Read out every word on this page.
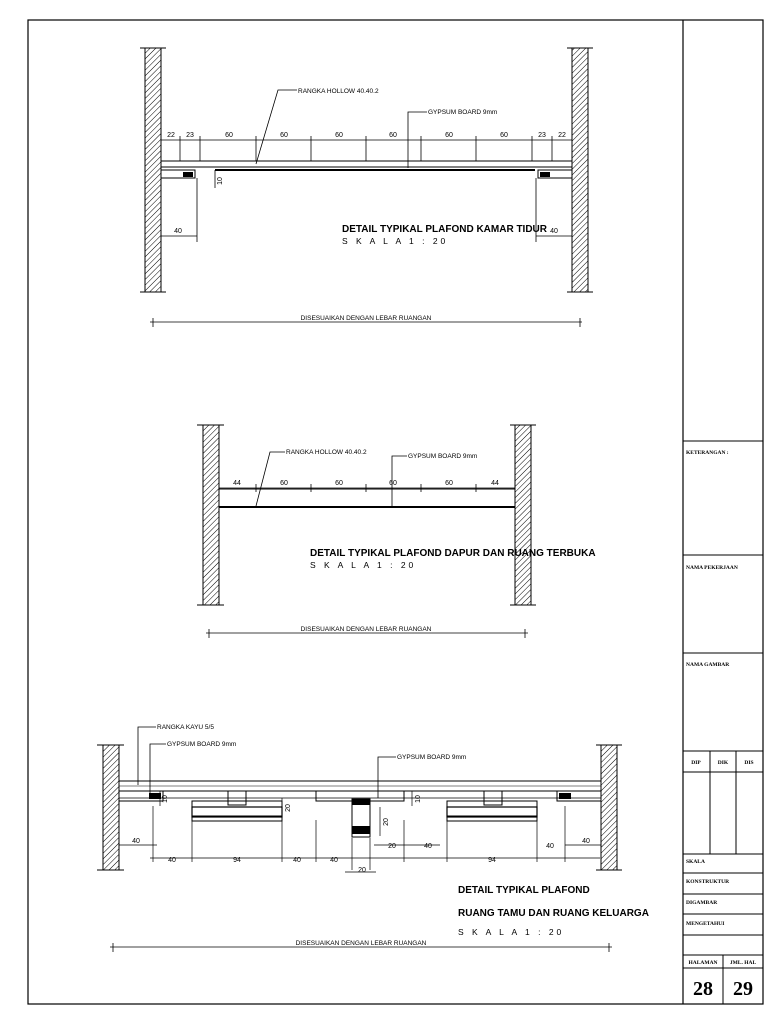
22 23	60	60	60	60	60	60	23 22
RANGKA HOLLOW 40.40.2
GYPSUM BOARD 9mm
10
40	40
DETAIL TYPIKAL PLAFOND KAMAR TIDUR
S K A L A 1 : 20
DISESUAIKAN DENGAN LEBAR RUANGAN
44	60	60	60	60	44
RANGKA HOLLOW 40.40.2
GYPSUM BOARD 9mm
DETAIL TYPIKAL PLAFOND DAPUR DAN RUANG TERBUKA
S K A L A 1 : 20
DISESUAIKAN DENGAN LEBAR RUANGAN
10
20
10
20
RANGKA KAYU 5/5
GYPSUM BOARD 9mm
GYPSUM BOARD 9mm
40	40
40	94	40	40
40
94
40
20
20
DETAIL TYPIKAL PLAFOND
RUANG TAMU DAN RUANG KELUARGA
S K A L A 1 : 20
DISESUAIKAN DENGAN LEBAR RUANGAN
KETERANGAN :
NAMA PEKERJAAN
NAMA GAMBAR
DIP	DIK	DIS
SKALA
KONSTRUKTUR
DIGAMBAR
MENGETAHUI
HALAMAN JML. HAL
28 29
